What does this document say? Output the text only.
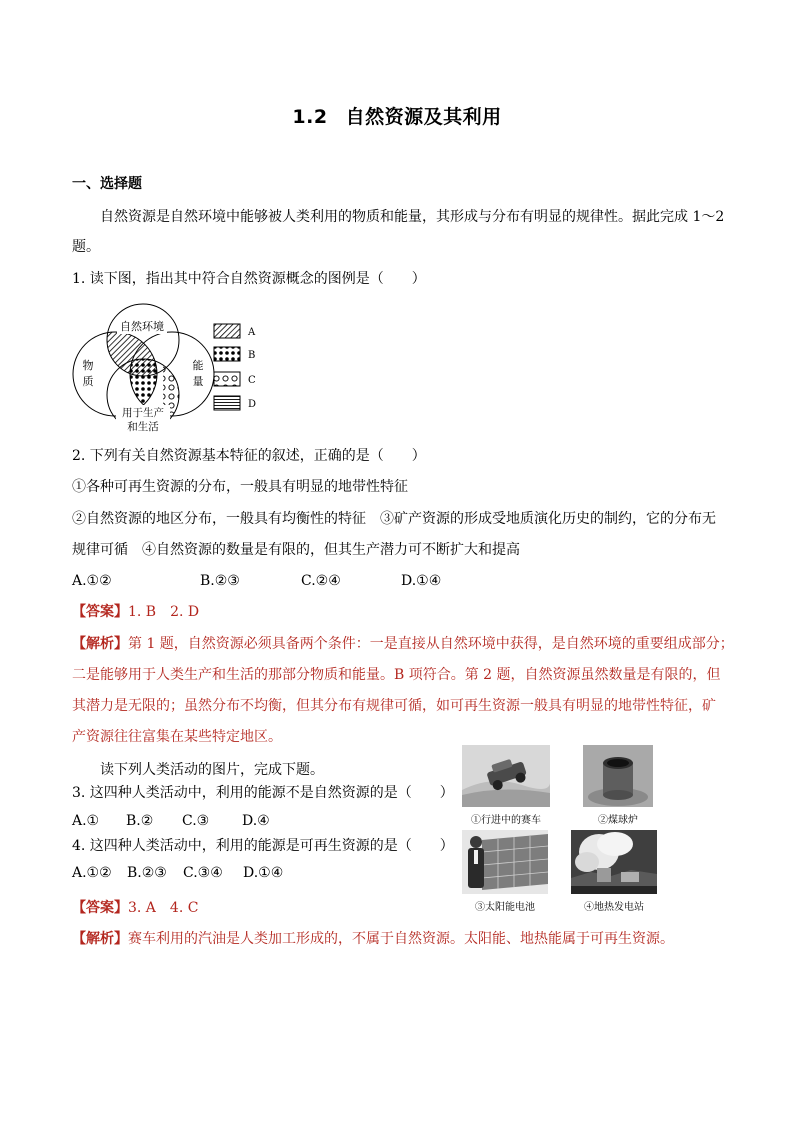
1.2 自然资源及其利用
一、选择题
自然资源是自然环境中能够被人类利用的物质和能量，其形成与分布有明显的规律性。据此完成 1～2
题。
1. 读下图，指出其中符合自然资源概念的图例是（　　）
自然环境
物
质
能
量
用于生产
和生活
A
B
C
D
2. 下列有关自然资源基本特征的叙述，正确的是（　　）
①各种可再生资源的分布，一般具有明显的地带性特征
②自然资源的地区分布，一般具有均衡性的特征　③矿产资源的形成受地质演化历史的制约，它的分布无
规律可循　④自然资源的数量是有限的，但其生产潜力可不断扩大和提高
A.①②	B.②③	C.②④	D.①④
【答案】1. B　2. D
【解析】第 1 题，自然资源必须具备两个条件：一是直接从自然环境中获得，是自然环境的重要组成部分；
二是能够用于人类生产和生活的那部分物质和能量。B 项符合。第 2 题，自然资源虽然数量是有限的，但
其潜力是无限的；虽然分布不均衡，但其分布有规律可循，如可再生资源一般具有明显的地带性特征，矿
产资源往往富集在某些特定地区。
读下列人类活动的图片，完成下题。
3. 这四种人类活动中，利用的能源不是自然资源的是（　　）
A.① B.② C.③ D.④
4. 这四种人类活动中，利用的能源是可再生资源的是（　　）
A.①② B.②③ C.③④ D.①④
①行进中的赛车	②煤球炉
③太阳能电池	④地热发电站
【答案】3. A　4. C
【解析】赛车利用的汽油是人类加工形成的，不属于自然资源。太阳能、地热能属于可再生资源。
